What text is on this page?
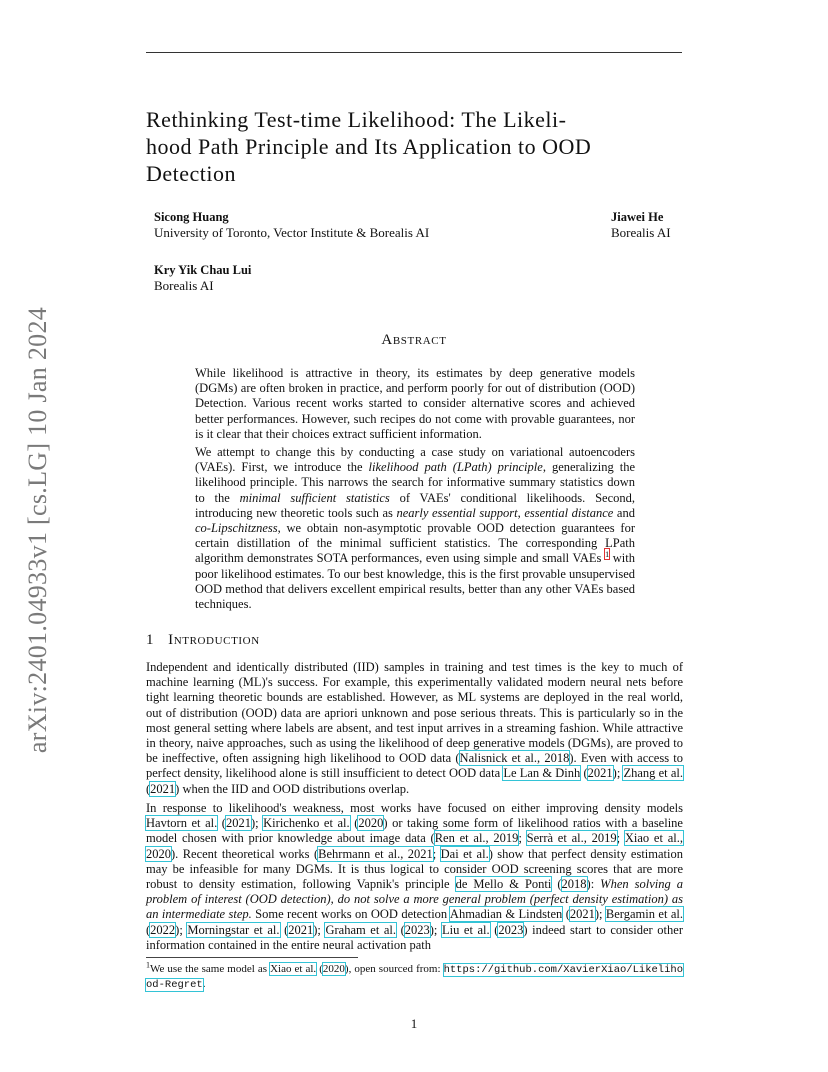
arXiv:2401.04933v1 [cs.LG] 10 Jan 2024
Rethinking Test-time Likelihood: The Likeli-
hood Path Principle and Its Application to OOD
Detection
Sicong Huang
University of Toronto, Vector Institute & Borealis AI
Jiawei He
Borealis AI
Kry Yik Chau Lui
Borealis AI
Abstract
While likelihood is attractive in theory, its estimates by deep generative models (DGMs) are often broken in practice, and perform poorly for out of distribution (OOD) Detection. Various recent works started to consider alternative scores and achieved better performances. However, such recipes do not come with provable guarantees, nor is it clear that their choices extract sufficient information.
We attempt to change this by conducting a case study on variational autoencoders (VAEs). First, we introduce the likelihood path (LPath) principle, generalizing the likelihood principle. This narrows the search for informative summary statistics down to the minimal sufficient statistics of VAEs' conditional likelihoods. Second, introducing new theoretic tools such as nearly essential support, essential distance and co-Lipschitzness, we obtain non-asymptotic provable OOD detection guarantees for certain distillation of the minimal sufficient statistics. The corresponding LPath algorithm demonstrates SOTA performances, even using simple and small VAEs $^1$ with poor likelihood estimates. To our best knowledge, this is the first provable unsupervised OOD method that delivers excellent empirical results, better than any other VAEs based techniques.
1 Introduction
Independent and identically distributed (IID) samples in training and test times is the key to much of machine learning (ML)'s success. For example, this experimentally validated modern neural nets before tight learning theoretic bounds are established. However, as ML systems are deployed in the real world, out of distribution (OOD) data are apriori unknown and pose serious threats. This is particularly so in the most general setting where labels are absent, and test input arrives in a streaming fashion. While attractive in theory, naive approaches, such as using the likelihood of deep generative models (DGMs), are proved to be ineffective, often assigning high likelihood to OOD data (Nalisnick et al., 2018). Even with access to perfect density, likelihood alone is still insufficient to detect OOD data Le Lan & Dinh (2021); Zhang et al. (2021) when the IID and OOD distributions overlap.
In response to likelihood's weakness, most works have focused on either improving density models Havtorn et al. (2021); Kirichenko et al. (2020) or taking some form of likelihood ratios with a baseline model chosen with prior knowledge about image data (Ren et al., 2019; Serrà et al., 2019; Xiao et al., 2020). Recent theoretical works (Behrmann et al., 2021; Dai et al.) show that perfect density estimation may be infeasible for many DGMs. It is thus logical to consider OOD screening scores that are more robust to density estimation, following Vapnik's principle de Mello & Ponti (2018): When solving a problem of interest (OOD detection), do not solve a more general problem (perfect density estimation) as an intermediate step. Some recent works on OOD detection Ahmadian & Lindsten (2021); Bergamin et al. (2022); Morningstar et al. (2021); Graham et al. (2023); Liu et al. (2023) indeed start to consider other information contained in the entire neural activation path
$^1$We use the same model as Xiao et al. (2020), open sourced from: https://github.com/XavierXiao/Likelihood-Regret.
1
